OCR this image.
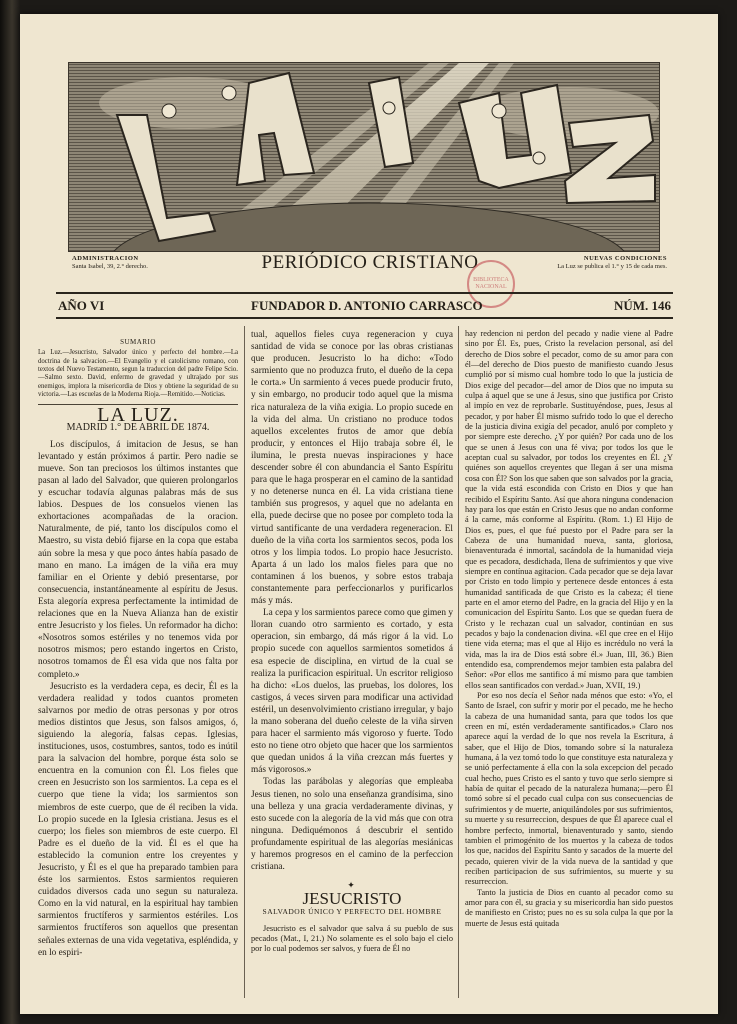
ADMINISTRACION
Santa Isabel, 39, 2.° derecho.	PERIÓDICO CRISTIANO
BIBLIOTECA NACIONAL
NUEVAS CONDICIONES
La Luz se publica el 1.° y 15 de cada mes.
AÑO VI	FUNDADOR D. ANTONIO CARRASCO	NÚM. 146
SUMARIO
La Luz.—Jesucristo, Salvador único y perfecto del hombre.—La doctrina de la salvacion.—El Evangelio y el catolicismo romano, con textos del Nuevo Testamento, segun la traduccion del padre Felipe Scio.—Salmo sexto. David, enfermo de gravedad y ultrajado por sus enemigos, implora la misericordia de Dios y obtiene la seguridad de su victoria.—Las escuelas de la Moderna Rioja.—Remitido.—Noticias.
LA LUZ.
MADRID 1.° DE ABRIL DE 1874.

Los discípulos, á imitacion de Jesus, se han levantado y están próximos á partir. Pero nadie se mueve. Son tan preciosos los últimos instantes que pasan al lado del Salvador, que quieren prolongarlos y escuchar todavía algunas palabras más de sus labios. Despues de los consuelos vienen las exhortaciones acompañadas de la oracion. Naturalmente, de pié, tanto los discípulos como el Maestro, su vista debió fijarse en la copa que estaba aún sobre la mesa y que poco ántes había pasado de mano en mano. La imágen de la viña era muy familiar en el Oriente y debió presentarse, por consecuencia, instantáneamente al espíritu de Jesus. Esta alegoría expresa perfectamente la intimidad de relaciones que en la Nueva Alianza han de existir entre Jesucristo y los fieles. Un reformador ha dicho: «Nosotros somos estériles y no tenemos vida por nosotros mismos; pero estando ingertos en Cristo, nosotros tomamos de Él esa vida que nos falta por completo.»

Jesucristo es la verdadera cepa, es decir, Él es la verdadera realidad y todos cuantos prometen salvarnos por medio de otras personas y por otros medios distintos que Jesus, son falsos amigos, ó, siguiendo la alegoría, falsas cepas. Iglesias, instituciones, usos, costumbres, santos, todo es inútil para la salvacion del hombre, porque ésta solo se encuentra en la comunion con Él. Los fieles que creen en Jesucristo son los sarmientos. La cepa es el cuerpo que tiene la vida; los sarmientos son miembros de este cuerpo, que de él reciben la vida. Lo propio sucede en la Iglesia cristiana. Jesus es el cuerpo; los fieles son miembros de este cuerpo. El Padre es el dueño de la vid. Él es el que ha establecido la comunion entre los creyentes y Jesucristo, y Él es el que ha preparado tambien para éste los sarmientos. Estos sarmientos requieren cuidados diversos cada uno segun su naturaleza. Como en la vid natural, en la espiritual hay tambien sarmientos fructíferos y sarmientos estériles. Los sarmientos fructíferos son aquellos que presentan señales externas de una vida vegetativa, espléndida, y en lo espiri-

tual, aquellos fieles cuya regeneracion y cuya santidad de vida se conoce por las obras cristianas que producen. Jesucristo lo ha dicho: «Todo sarmiento que no produzca fruto, el dueño de la cepa le corta.» Un sarmiento á veces puede producir fruto, y sin embargo, no producir todo aquel que la misma rica naturaleza de la viña exigia. Lo propio sucede en la vida del alma. Un cristiano no produce todos aquellos excelentes frutos de amor que debía producir, y entonces el Hijo trabaja sobre él, le ilumina, le presta nuevas inspiraciones y hace descender sobre él con abundancia el Santo Espíritu para que le haga prosperar en el camino de la santidad y no detenerse nunca en él. La vida cristiana tiene también sus progresos, y aquel que no adelanta en ella, puede decirse que no posee por completo toda la virtud santificante de una verdadera regeneracion. El dueño de la viña corta los sarmientos secos, poda los otros y los limpia todos. Lo propio hace Jesucristo. Aparta á un lado los malos fieles para que no contaminen á los buenos, y sobre estos trabaja constantemente para perfeccionarlos y purificarlos más y más.

La cepa y los sarmientos parece como que gimen y lloran cuando otro sarmiento es cortado, y esta operacion, sin embargo, dá más rigor á la vid. Lo propio sucede con aquellos sarmientos sometidos á esa especie de disciplina, en virtud de la cual se realiza la purificacion espiritual. Un escritor religioso ha dicho: «Los duelos, las pruebas, los dolores, los castigos, á veces sirven para modificar una actividad estéril, un desenvolvimiento cristiano irregular, y bajo la mano soberana del dueño celeste de la viña sirven para hacer el sarmiento más vigoroso y fuerte. Todo esto no tiene otro objeto que hacer que los sarmientos que quedan unidos á la viña crezcan más fuertes y más vigorosos.»

Todas las parábolas y alegorías que empleaba Jesus tienen, no solo una enseñanza grandísima, sino una belleza y una gracia verdaderamente divinas, y esto sucede con la alegoría de la vid más que con otra ninguna. Dediquémonos á descubrir el sentido profundamente espiritual de las alegorías mesiánicas y haremos progresos en el camino de la perfeccion cristiana.

✦
JESUCRISTO
SALVADOR ÚNICO Y PERFECTO DEL HOMBRE

Jesucristo es el salvador que salva á su pueblo de sus pecados (Mat., I, 21.) No solamente es el solo bajo el cielo por lo cual podemos ser salvos, y fuera de Él no

hay redencion ni perdon del pecado y nadie viene al Padre sino por Él. Es, pues, Cristo la revelacion personal, así del derecho de Dios sobre el pecador, como de su amor para con él—del derecho de Dios puesto de manifiesto cuando Jesus cumplió por sí mismo cual hombre todo lo que la justicia de Dios exige del pecador—del amor de Dios que no imputa su culpa á aquel que se une á Jesus, sino que justifica por Cristo al impío en vez de reprobarle. Sustituyéndose, pues, Jesus al pecador, y por haber Él mismo sufrido todo lo que el derecho de la justicia divina exigía del pecador, anuló por completo y por siempre este derecho. ¿Y por quién? Por cada uno de los que se unen á Jesus con una fé viva; por todos los que le aceptan cual su salvador, por todos los creyentes en Él. ¿Y quiénes son aquellos creyentes que llegan á ser una misma cosa con Él? Son los que saben que son salvados por la gracia, que la vida está escondida con Cristo en Dios y que han recibido el Espíritu Santo. Así que ahora ninguna condenacion hay para los que están en Cristo Jesus que no andan conforme á la carne, más conforme al Espíritu. (Rom. 1.) El Hijo de Dios es, pues, el que fué puesto por el Padre para ser la Cabeza de una humanidad nueva, santa, gloriosa, bienaventurada é inmortal, sacándola de la humanidad vieja que es pecadora, desdichada, llena de sufrimientos y que vive siempre en contínua agitacion. Cada pecador que se deja lavar por Cristo en todo limpio y pertenece desde entonces á esta humanidad santificada de que Cristo es la cabeza; él tiene parte en el amor eterno del Padre, en la gracia del Hijo y en la comunicacion del Espíritu Santo. Los que se quedan fuera de Cristo y le rechazan cual un salvador, continúan en sus pecados y bajo la condenacion divina. «El que cree en el Hijo tiene vida eterna; mas el que al Hijo es incrédulo no verá la vida, mas la ira de Dios está sobre él.» Juan, III, 36.) Bien entendido esa, comprendemos mejor tambien esta palabra del Señor: «Por ellos me santifico á mí mismo para que tambien ellos sean santificados con verdad.» Juan, XVII, 19.)

Por eso nos decía el Señor nada ménos que esto: «Yo, el Santo de Israel, con sufrir y morir por el pecado, me he hecho la cabeza de una humanidad santa, para que todos los que creen en mí, estén verdaderamente santificados.» Claro nos aparece aquí la verdad de lo que nos revela la Escritura, á saber, que el Hijo de Dios, tomando sobre sí la naturaleza humana, á la vez tomó todo lo que constituye esta naturaleza y se unió perfectamente á ella con la sola excepcion del pecado cual hecho, pues Cristo es el santo y tuvo que serlo siempre si había de quitar el pecado de la naturaleza humana;—pero Él tomó sobre sí el pecado cual culpa con sus consecuencias de sufrimientos y de muerte, aniquilándoles por sus sufrimientos, su muerte y su resurreccion, despues de que Él aparece cual el hombre perfecto, inmortal, bienaventurado y santo, siendo tambien el primogénito de los muertos y la cabeza de todos los que, nacidos del Espíritu Santo y sacados de la muerte del pecado, quieren vivir de la vida nueva de la santidad y que reciben participacion de sus sufrimientos, su muerte y su resurreccion.

Tanto la justicia de Dios en cuanto al pecador como su amor para con él, su gracia y su misericordia han sido puestos de manifiesto en Cristo; pues no es su sola culpa la que por la muerte de Jesus está quitada
